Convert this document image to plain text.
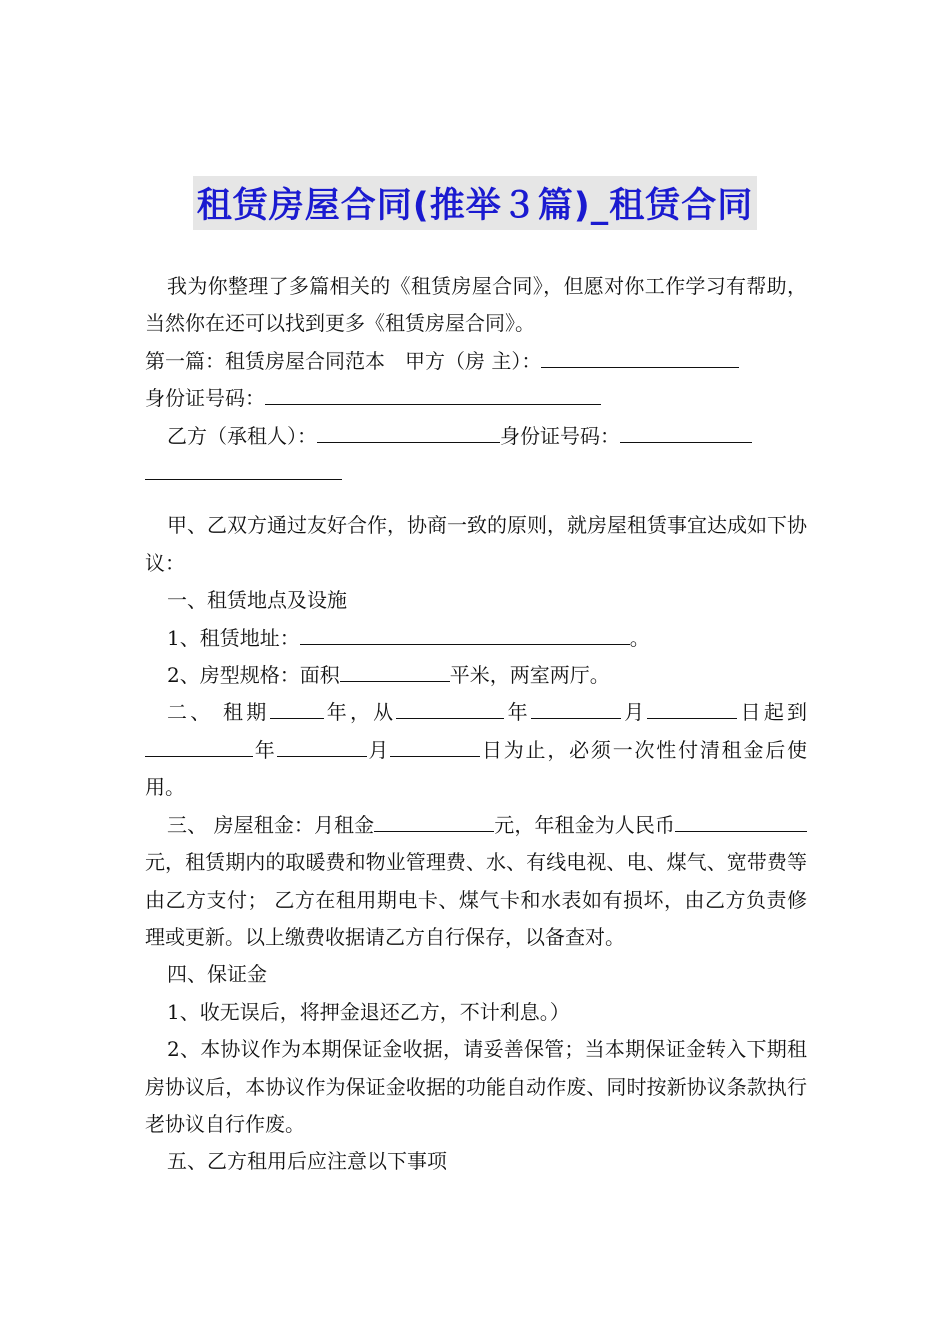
租赁房屋合同(推举３篇)_租赁合同

我为你整理了多篇相关的《租赁房屋合同》，但愿对你工作学习有帮助，当然你在还可以找到更多《租赁房屋合同》。

第一篇：租赁房屋合同范本　甲方（房 主）：

身份证号码：

乙方（承租人）：	身份证号码：

甲、乙双方通过友好合作，协商一致的原则，就房屋租赁事宜达成如下协议：

一、租赁地点及设施

1、租赁地址：	。

2、房型规格：面积	平米，两室两厅。

二、 租期	年，从	年	月	日起到年	月	日为止，必须一次性付清租金后使用。

三、 房屋租金：月租金	元，年租金为人民币元，租赁期内的取暖费和物业管理费、水、有线电视、电、煤气、宽带费等由乙方支付； 乙方在租用期电卡、煤气卡和水表如有损坏，由乙方负责修理或更新。以上缴费收据请乙方自行保存，以备查对。

四、保证金

1、收无误后，将押金退还乙方，不计利息。）

2、本协议作为本期保证金收据，请妥善保管；当本期保证金转入下期租房协议后，本协议作为保证金收据的功能自动作废、同时按新协议条款执行老协议自行作废。

五、乙方租用后应注意以下事项
